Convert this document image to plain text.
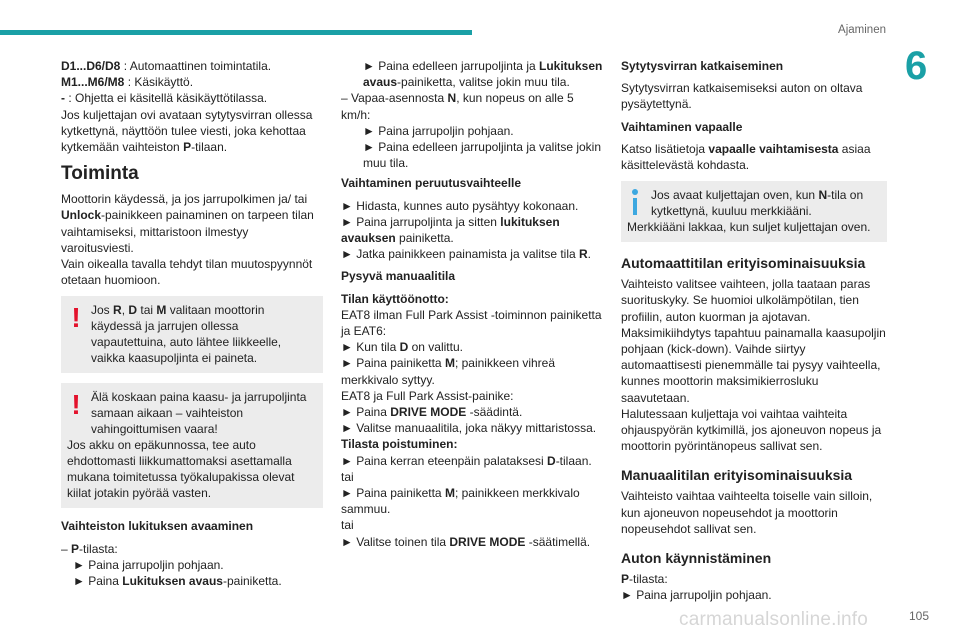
Ajaminen
6

D1...D6/D8 : Automaattinen toimintatila.

M1...M6/M8 : Käsikäyttö.

- : Ohjetta ei käsitellä käsikäyttötilassa.

Jos kuljettajan ovi avataan sytytysvirran ollessa kytkettynä, näyttöön tulee viesti, joka kehottaa kytkemään vaihteiston P-tilaan.

Toiminta

Moottorin käydessä, ja jos jarrupolkimen ja/ tai Unlock-painikkeen painaminen on tarpeen tilan vaihtamiseksi, mittaristoon ilmestyy varoitusviesti.

Vain oikealla tavalla tehdyt tilan muutospyynnöt otetaan huomioon.

! Jos R, D tai M valitaan moottorin käydessä ja jarrujen ollessa vapautettuina, auto lähtee liikkeelle, vaikka kaasupoljinta ei paineta.

! Älä koskaan paina kaasu- ja jarrupoljinta samaan aikaan – vaihteiston vahingoittumisen vaara!

Jos akku on epäkunnossa, tee auto ehdottomasti liikkumattomaksi asettamalla mukana toimitetussa työkalupakissa olevat kiilat jotakin pyörää vasten.

Vaihteiston lukituksen avaaminen

– P-tilasta:

► Paina jarrupoljin pohjaan.

► Paina Lukituksen avaus-painiketta.

► Paina edelleen jarrupoljinta ja Lukituksen avaus-painiketta, valitse jokin muu tila.

– Vapaa-asennosta N, kun nopeus on alle 5 km/h:

► Paina jarrupoljin pohjaan.

► Paina edelleen jarrupoljinta ja valitse jokin muu tila.

Vaihtaminen peruutusvaihteelle

► Hidasta, kunnes auto pysähtyy kokonaan.

► Paina jarrupoljinta ja sitten lukituksen avauksen painiketta.

► Jatka painikkeen painamista ja valitse tila R.

Pysyvä manuaalitila

Tilan käyttöönotto:

EAT8 ilman Full Park Assist -toiminnon painiketta ja EAT6:

► Kun tila D on valittu.

► Paina painiketta M; painikkeen vihreä merkkivalo syttyy.

EAT8 ja Full Park Assist-painike:

► Paina DRIVE MODE -säädintä.

► Valitse manuaalitila, joka näkyy mittaristossa.

Tilasta poistuminen:

► Paina kerran eteenpäin palataksesi D-tilaan.

tai

► Paina painiketta M; painikkeen merkkivalo sammuu.

tai

► Valitse toinen tila DRIVE MODE -säätimellä.

Sytytysvirran katkaiseminen

Sytytysvirran katkaisemiseksi auton on oltava pysäytettynä.

Vaihtaminen vapaalle

Katso lisätietoja vapaalle vaihtamisesta asiaa käsittelevästä kohdasta.

Jos avaat kuljettajan oven, kun N-tila on kytkettynä, kuuluu merkkiääni.

Merkkiääni lakkaa, kun suljet kuljettajan oven.

Automaattitilan erityisominaisuuksia

Vaihteisto valitsee vaihteen, jolla taataan paras suorituskyky. Se huomioi ulkolämpötilan, tien profiilin, auton kuorman ja ajotavan.

Maksimikiihdytys tapahtuu painamalla kaasupoljin pohjaan (kick-down). Vaihde siirtyy automaattisesti pienemmälle tai pysyy vaihteella, kunnes moottorin maksimikierrosluku saavutetaan.

Halutessaan kuljettaja voi vaihtaa vaihteita ohjauspyörän kytkimillä, jos ajoneuvon nopeus ja moottorin pyörintänopeus sallivat sen.

Manuaalitilan erityisominaisuuksia

Vaihteisto vaihtaa vaihteelta toiselle vain silloin, kun ajoneuvon nopeusehdot ja moottorin nopeusehdot sallivat sen.

Auton käynnistäminen

P-tilasta:

► Paina jarrupoljin pohjaan.

105
carmanualsonline.info
